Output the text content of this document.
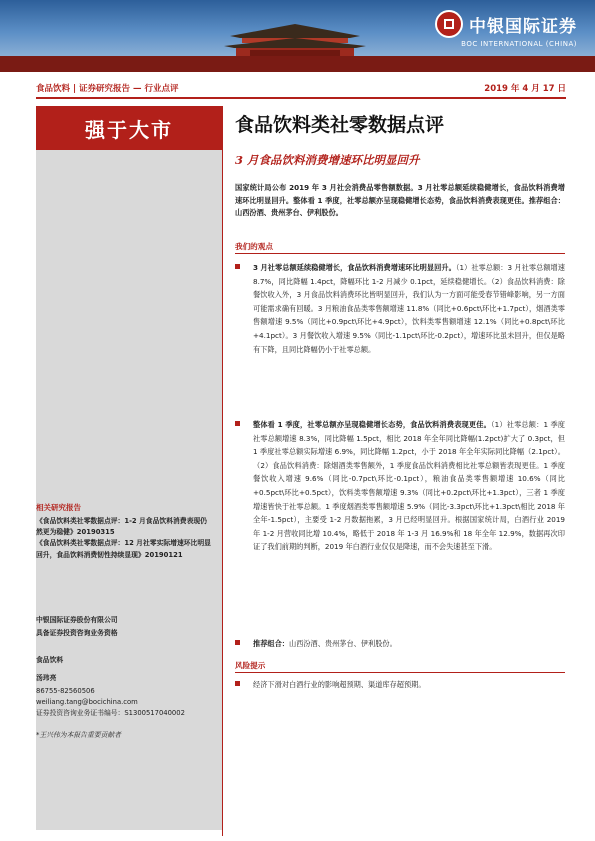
中银国际证券
BOC INTERNATIONAL (CHINA)
食品饮料 | 证券研究报告 — 行业点评	2019 年 4 月 17 日
强于大市	食品饮料类社零数据点评
3 月食品饮料消费增速环比明显回升
国家统计局公布 2019 年 3 月社会消费品零售额数据。3 月社零总额延续稳健增长，食品饮料消费增速环比明显回升。整体看 1 季度，社零总额亦呈现稳健增长态势，食品饮料消费表现更佳。推荐组合：山西汾酒、贵州茅台、伊利股份。
我们的观点
3 月社零总额延续稳健增长，食品饮料消费增速环比明显回升。（1）社零总额：3 月社零总额增速 8.7%，同比降幅 1.4pct，降幅环比 1-2 月减少 0.1pct，延续稳健增长。（2）食品饮料消费：除餐饮收入外，3 月食品饮料消费环比皆明显回升，我们认为一方面可能受春节错峰影响，另一方面可能需求确有回暖。3 月粮油食品类零售额增速 11.8%（同比+0.6pct\环比+1.7pct），烟酒类零售额增速 9.5%（同比+0.9pct\环比+4.9pct），饮料类零售额增速 12.1%（同比+0.8pct\环比+4.1pct）。3 月餐饮收入增速 9.5%（同比-1.1pct\环比-0.2pct），增速环比虽未回升，但仅是略有下降，且同比降幅仍小于社零总额。
整体看 1 季度，社零总额亦呈现稳健增长态势，食品饮料消费表现更佳。（1）社零总额：1 季度社零总额增速 8.3%，同比降幅 1.5pct，相比 2018 年全年同比降幅(1.2pct)扩大了 0.3pct，但 1 季度社零总额实际增速 6.9%，同比降幅 1.2pct，小于 2018 年全年实际同比降幅（2.1pct）。（2）食品饮料消费：除烟酒类零售额外，1 季度食品饮料消费相比社零总额皆表现更佳。1 季度餐饮收入增速 9.6%（同比-0.7pct\环比-0.1pct），粮油食品类零售额增速 10.6%（同比+0.5pct\环比+0.5pct），饮料类零售额增速 9.3%（同比+0.2pct\环比+1.3pct），三者 1 季度增速皆快于社零总额。1 季度烟酒类零售额增速 5.9%（同比-3.3pct\环比+1.3pct\相比 2018 年全年-1.5pct），主要受 1-2 月数据拖累，3 月已经明显回升。根据国家统计局，白酒行业 2019 年 1-2 月营收同比增 10.4%，略低于 2018 年 1-3 月 16.9%和 18 年全年 12.9%，数据再次印证了我们前期的判断，2019 年白酒行业仅仅是降速，而不会失速甚至下滑。
推荐组合：山西汾酒、贵州茅台、伊利股份。
风险提示
经济下滑对白酒行业的影响超预期、渠道库存超预期。
相关研究报告
《食品饮料类社零数据点评：1-2 月食品饮料消费表现仍然更为稳健》20190315
《食品饮料类社零数据点评：12 月社零实际增速环比明显回升，食品饮料消费韧性持续显现》20190121
中银国际证券股份有限公司
具备证券投资咨询业务资格
食品饮料
汤玮亮
86755-82560506
weiliang.tang@bocichina.com
证券投资咨询业务证书编号：S1300517040002
*王兴伟为本报告重要贡献者
